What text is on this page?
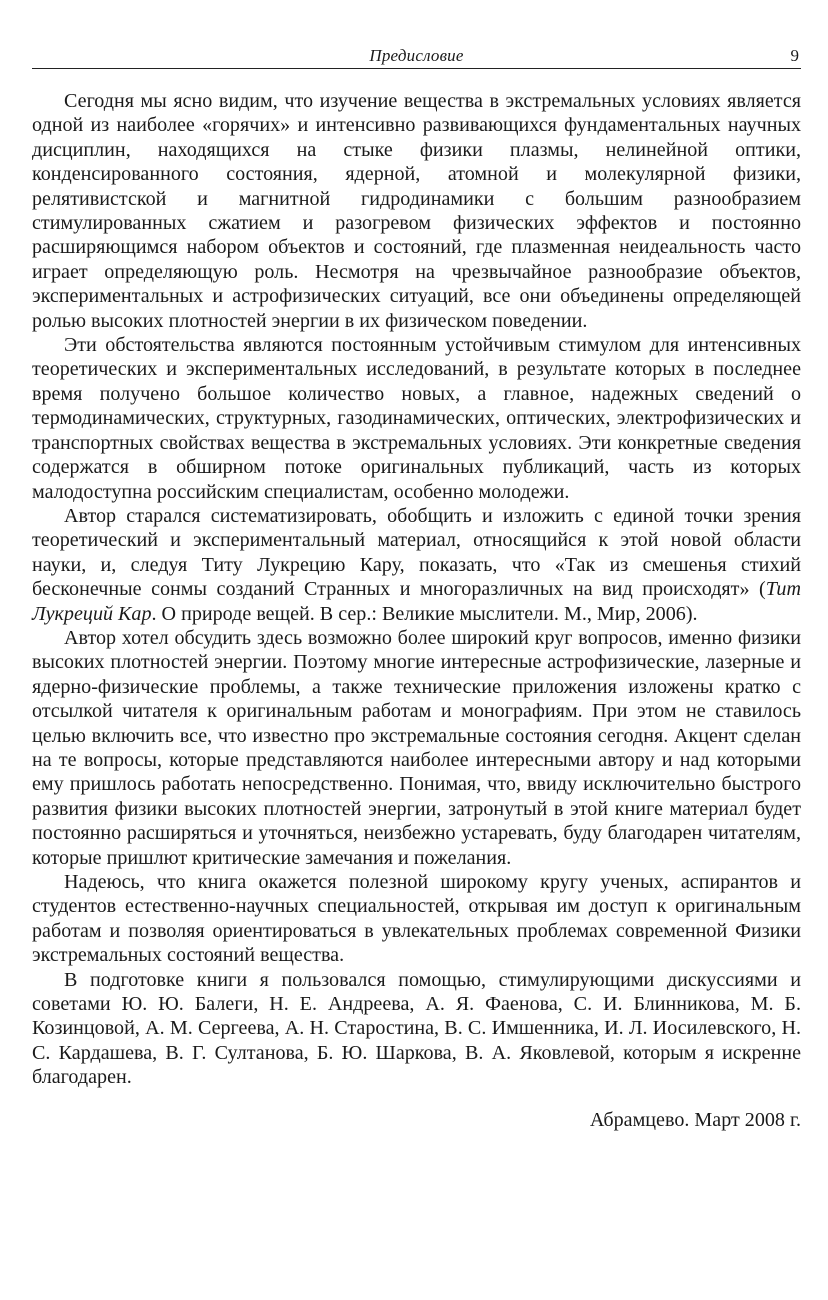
Предисловие	9

Сегодня мы ясно видим, что изучение вещества в экстремальных условиях является одной из наиболее «горячих» и интенсивно развивающихся фундаментальных научных дисциплин, находящихся на стыке физики плазмы, нелинейной оптики, конденсированного состояния, ядерной, атомной и молекулярной физики, релятивистской и магнитной гидродинамики с большим разнообразием стимулированных сжатием и разогревом физических эффектов и постоянно расширяющимся набором объектов и состояний, где плазменная неидеальность часто играет определяющую роль. Несмотря на чрезвычайное разнообразие объектов, экспериментальных и астрофизических ситуаций, все они объединены определяющей ролью высоких плотностей энергии в их физическом поведении.

Эти обстоятельства являются постоянным устойчивым стимулом для интенсивных теоретических и экспериментальных исследований, в результате которых в последнее время получено большое количество новых, а главное, надежных сведений о термодинамических, структурных, газодинамических, оптических, электрофизических и транспортных свойствах вещества в экстремальных условиях. Эти конкретные сведения содержатся в обширном потоке оригинальных публикаций, часть из которых малодоступна российским специалистам, особенно молодежи.

Автор старался систематизировать, обобщить и изложить с единой точки зрения теоретический и экспериментальный материал, относящийся к этой новой области науки, и, следуя Титу Лукрецию Кару, показать, что «Так из смешенья стихий бесконечные сонмы созданий Странных и многоразличных на вид происходят» (Тит Лукреций Кар. О природе вещей. В сер.: Великие мыслители. М., Мир, 2006).

Автор хотел обсудить здесь возможно более широкий круг вопросов, именно физики высоких плотностей энергии. Поэтому многие интересные астрофизические, лазерные и ядерно-физические проблемы, а также технические приложения изложены кратко с отсылкой читателя к оригинальным работам и монографиям. При этом не ставилось целью включить все, что известно про экстремальные состояния сегодня. Акцент сделан на те вопросы, которые представляются наиболее интересными автору и над которыми ему пришлось работать непосредственно. Понимая, что, ввиду исключительно быстрого развития физики высоких плотностей энергии, затронутый в этой книге материал будет постоянно расширяться и уточняться, неизбежно устаревать, буду благодарен читателям, которые пришлют критические замечания и пожелания.

Надеюсь, что книга окажется полезной широкому кругу ученых, аспирантов и студентов естественно-научных специальностей, открывая им доступ к оригинальным работам и позволяя ориентироваться в увлекательных проблемах современной Физики экстремальных состояний вещества.

В подготовке книги я пользовался помощью, стимулирующими дискуссиями и советами Ю. Ю. Балеги, Н. Е. Андреева, А. Я. Фаенова, С. И. Блинникова, М. Б. Козинцовой, А. М. Сергеева, А. Н. Старостина, В. С. Имшенника, И. Л. Иосилевского, Н. С. Кардашева, В. Г. Султанова, Б. Ю. Шаркова, В. А. Яковлевой, которым я искренне благодарен.

Абрамцево. Март 2008 г.
